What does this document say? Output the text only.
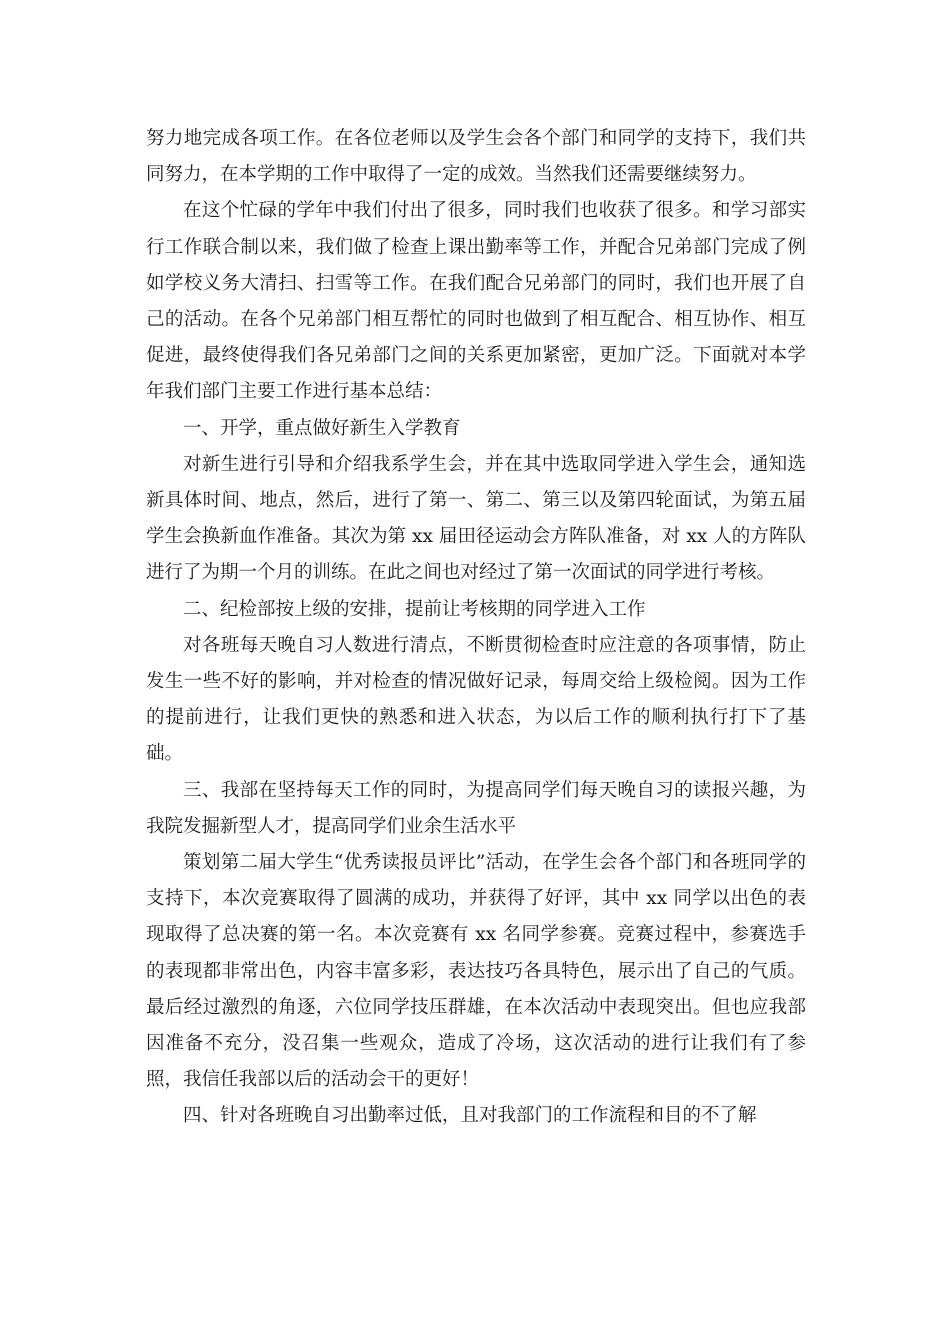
努力地完成各项工作。在各位老师以及学生会各个部门和同学的支持下，我们共同努力，在本学期的工作中取得了一定的成效。当然我们还需要继续努力。

在这个忙碌的学年中我们付出了很多，同时我们也收获了很多。和学习部实行工作联合制以来，我们做了检查上课出勤率等工作，并配合兄弟部门完成了例如学校义务大清扫、扫雪等工作。在我们配合兄弟部门的同时，我们也开展了自己的活动。在各个兄弟部门相互帮忙的同时也做到了相互配合、相互协作、相互促进，最终使得我们各兄弟部门之间的关系更加紧密，更加广泛。下面就对本学年我们部门主要工作进行基本总结：

一、开学，重点做好新生入学教育

对新生进行引导和介绍我系学生会，并在其中选取同学进入学生会，通知选新具体时间、地点，然后，进行了第一、第二、第三以及第四轮面试，为第五届学生会换新血作准备。其次为第 xx 届田径运动会方阵队准备，对 xx 人的方阵队进行了为期一个月的训练。在此之间也对经过了第一次面试的同学进行考核。

二、纪检部按上级的安排，提前让考核期的同学进入工作

对各班每天晚自习人数进行清点，不断贯彻检查时应注意的各项事情，防止发生一些不好的影响，并对检查的情况做好记录，每周交给上级检阅。因为工作的提前进行，让我们更快的熟悉和进入状态，为以后工作的顺利执行打下了基础。

三、我部在坚持每天工作的同时，为提高同学们每天晚自习的读报兴趣，为我院发掘新型人才，提高同学们业余生活水平

策划第二届大学生“优秀读报员评比”活动，在学生会各个部门和各班同学的支持下，本次竞赛取得了圆满的成功，并获得了好评，其中 xx 同学以出色的表现取得了总决赛的第一名。本次竞赛有 xx 名同学参赛。竞赛过程中，参赛选手的表现都非常出色，内容丰富多彩，表达技巧各具特色，展示出了自己的气质。最后经过激烈的角逐，六位同学技压群雄，在本次活动中表现突出。但也应我部因准备不充分，没召集一些观众，造成了冷场，这次活动的进行让我们有了参照，我信任我部以后的活动会干的更好！

四、针对各班晚自习出勤率过低，且对我部门的工作流程和目的不了解
